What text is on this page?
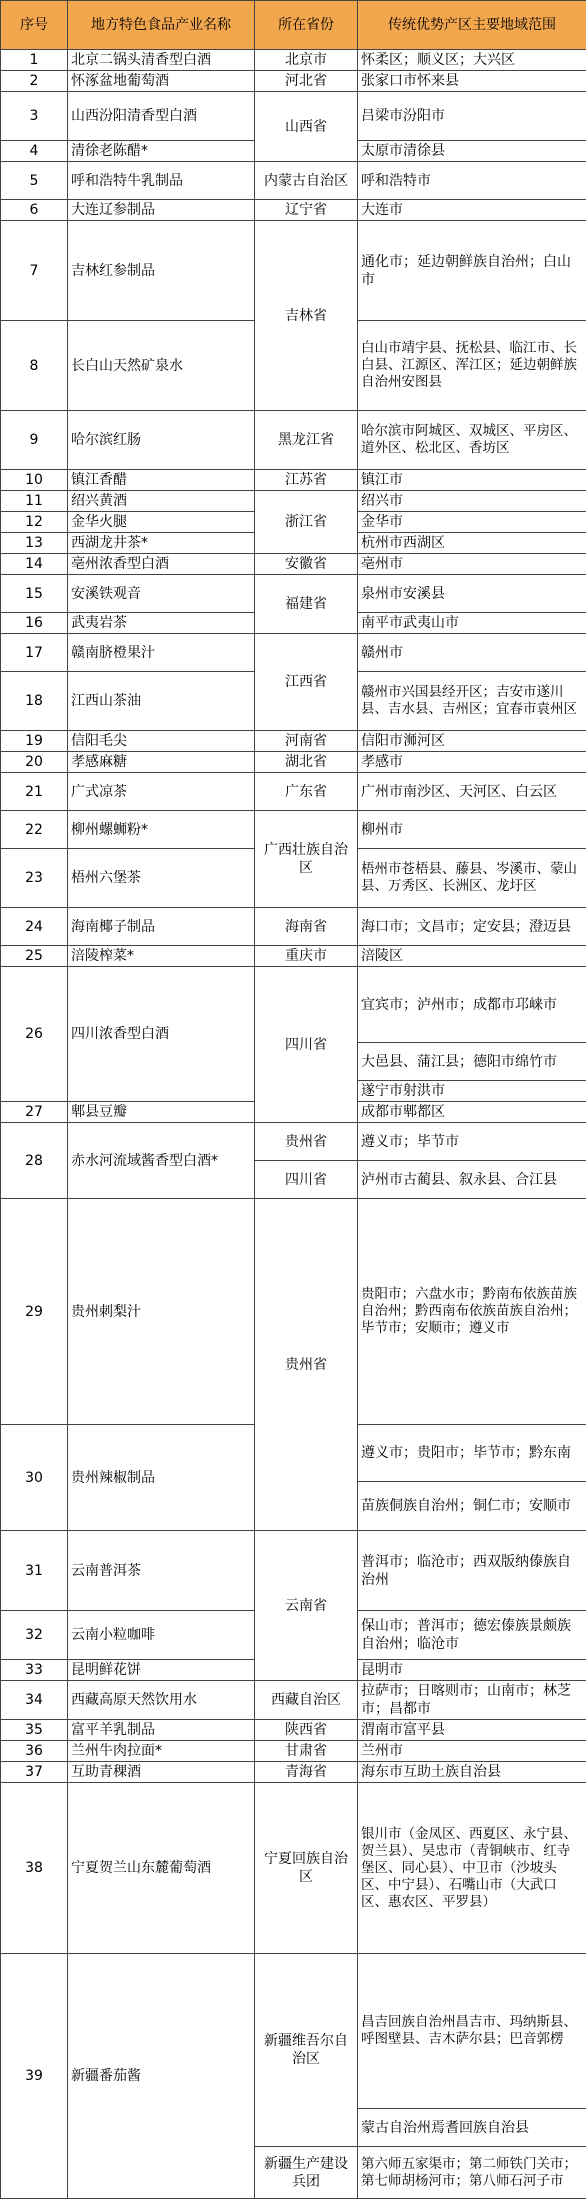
序号	地方特色食品产业名称	所在省份	传统优势产区主要地域范围
1	北京二锅头清香型白酒	北京市	怀柔区；顺义区；大兴区
2	怀涿盆地葡萄酒	河北省	张家口市怀来县
3	山西汾阳清香型白酒	山西省	吕梁市汾阳市
4	清徐老陈醋*		太原市清徐县
5	呼和浩特牛乳制品	内蒙古自治区	呼和浩特市
6	大连辽参制品	辽宁省	大连市
7	吉林红参制品	吉林省	通化市；延边朝鲜族自治州；白山市
8	长白山天然矿泉水		白山市靖宇县、抚松县、临江市、长白县、江源区、浑江区；延边朝鲜族自治州安图县
9	哈尔滨红肠	黑龙江省	哈尔滨市阿城区、双城区、平房区、道外区、松北区、香坊区
10	镇江香醋	江苏省	镇江市
11	绍兴黄酒	浙江省	绍兴市
12	金华火腿		金华市
13	西湖龙井茶*		杭州市西湖区
14	亳州浓香型白酒	安徽省	亳州市
15	安溪铁观音	福建省	泉州市安溪县
16	武夷岩茶		南平市武夷山市
17	赣南脐橙果汁	江西省	赣州市
18	江西山茶油		赣州市兴国县经开区；吉安市遂川县、吉水县、吉州区；宜春市袁州区
19	信阳毛尖	河南省	信阳市浉河区
20	孝感麻糖	湖北省	孝感市
21	广式凉茶	广东省	广州市南沙区、天河区、白云区
22	柳州螺蛳粉*	广西壮族自治区	柳州市
23	梧州六堡茶		梧州市苍梧县、藤县、岑溪市、蒙山县、万秀区、长洲区、龙圩区
24	海南椰子制品	海南省	海口市；文昌市；定安县；澄迈县
25	涪陵榨菜*	重庆市	涪陵区
26	四川浓香型白酒	四川省	宜宾市；泸州市；成都市邛崃市
			大邑县、蒲江县；德阳市绵竹市
			遂宁市射洪市
27	郫县豆瓣		成都市郫都区
28	赤水河流域酱香型白酒*	贵州省	遵义市；毕节市
		四川省	泸州市古蔺县、叙永县、合江县
29	贵州刺梨汁	贵州省	贵阳市；六盘水市；黔南布依族苗族自治州；黔西南布依族苗族自治州；毕节市；安顺市；遵义市
30	贵州辣椒制品		遵义市；贵阳市；毕节市；黔东南
			苗族侗族自治州；铜仁市；安顺市
31	云南普洱茶	云南省	普洱市；临沧市；西双版纳傣族自治州
32	云南小粒咖啡		保山市；普洱市；德宏傣族景颇族自治州；临沧市
33	昆明鲜花饼		昆明市
34	西藏高原天然饮用水	西藏自治区	拉萨市；日喀则市；山南市；林芝市；昌都市
35	富平羊乳制品	陕西省	渭南市富平县
36	兰州牛肉拉面*	甘肃省	兰州市
37	互助青稞酒	青海省	海东市互助土族自治县
38	宁夏贺兰山东麓葡萄酒	宁夏回族自治区	银川市（金凤区、西夏区、永宁县、贺兰县）、吴忠市（青铜峡市、红寺堡区、同心县）、中卫市（沙坡头区、中宁县）、石嘴山市（大武口区、惠农区、平罗县）
39	新疆番茄酱	新疆维吾尔自治区	昌吉回族自治州昌吉市、玛纳斯县、呼图壁县、吉木萨尔县；巴音郭楞
			蒙古自治州焉耆回族自治县
		新疆生产建设兵团	第六师五家渠市；第二师铁门关市；第七师胡杨河市；第八师石河子市
